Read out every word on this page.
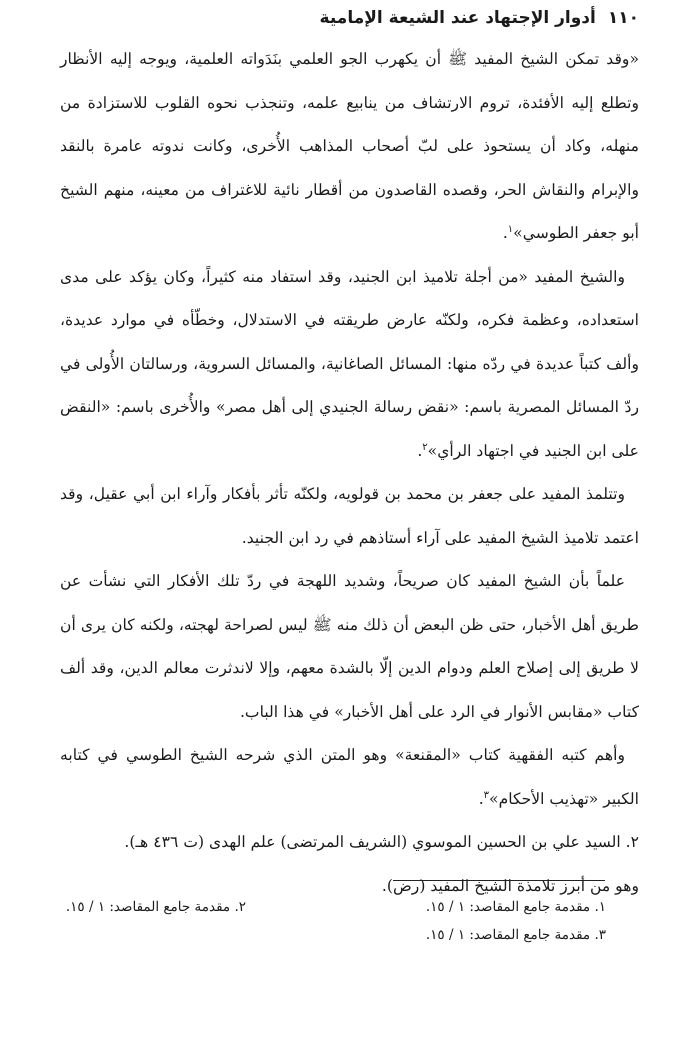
١١٠
أدوار الإجتهاد عند الشيعة الإمامية

«وقد تمكن الشيخ المفيد ﷺ أن يكهرب الجو العلمي بنَدَواته العلمية، ويوجه إليه الأنظار وتطلع إليه الأفئدة، تروم الارتشاف من ينابيع علمه، وتنجذب نحوه القلوب للاستزادة من منهله، وكاد أن يستحوذ على لبّ أصحاب المذاهب الأُخرى، وكانت ندوته عامرة بالنقد والإبرام والنقاش الحر، وقصده القاصدون من أقطار نائية للاغتراف من معينه، منهم الشيخ أبو جعفر الطوسي»$^١$.

والشيخ المفيد «من أجلة تلاميذ ابن الجنيد، وقد استفاد منه كثيراً، وكان يؤكد على مدى استعداده، وعظمة فكره، ولكنّه عارض طريقته في الاستدلال، وخطّأه في موارد عديدة، وألف كتباً عديدة في ردّه منها: المسائل الصاغانية، والمسائل السروية، ورسالتان الأُولى في ردّ المسائل المصرية باسم: «نقض رسالة الجنيدي إلى أهل مصر» والأُخرى باسم: «النقض على ابن الجنيد في اجتهاد الرأي»$^٢$.

وتتلمذ المفيد على جعفر بن محمد بن قولويه، ولكنّه تأثر بأفكار وآراء ابن أبي عقيل، وقد اعتمد تلاميذ الشيخ المفيد على آراء أستاذهم في رد ابن الجنيد.

علماً بأن الشيخ المفيد كان صريحاً، وشديد اللهجة في ردّ تلك الأفكار التي نشأت عن طريق أهل الأخبار، حتى ظن البعض أن ذلك منه ﷺ ليس لصراحة لهجته، ولكنه كان يرى أن لا طريق إلى إصلاح العلم ودوام الدين إلّا بالشدة معهم، وإلا لاندثرت معالم الدين، وقد ألف كتاب «مقابس الأنوار في الرد على أهل الأخبار» في هذا الباب.

وأهم كتبه الفقهية كتاب «المقنعة» وهو المتن الذي شرحه الشيخ الطوسي في كتابه الكبير «تهذيب الأحكام»$^٣$.

٢. السيد علي بن الحسين الموسوي (الشريف المرتضى) علم الهدى (ت ٤٣٦ هـ).
وهو من أبرز تلامذة الشيخ المفيد (رض).

١. مقدمة جامع المقاصد: ١ / ١٥.
٢. مقدمة جامع المقاصد: ١ / ١٥.
٣. مقدمة جامع المقاصد: ١ / ١٥.
